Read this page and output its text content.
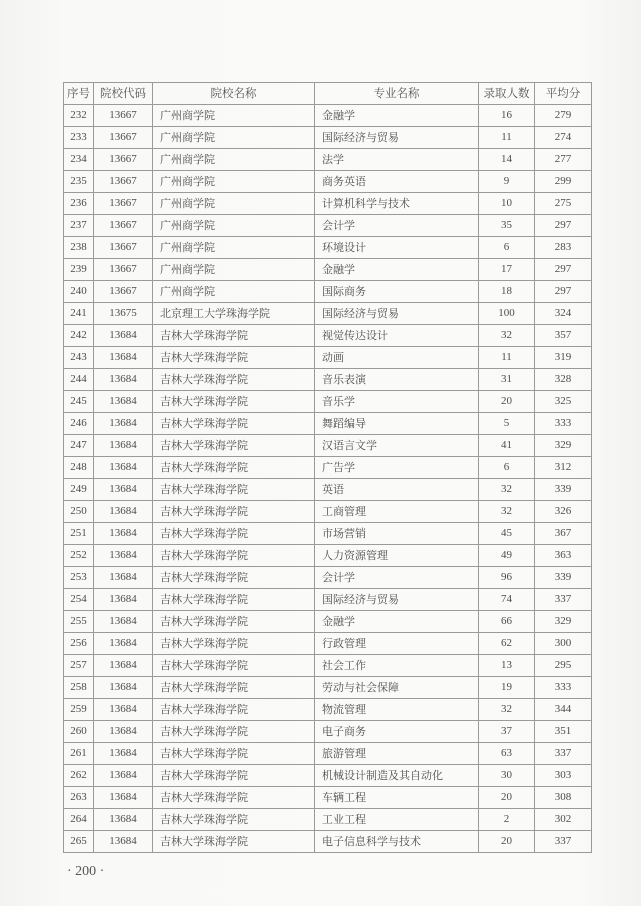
序号	院校代码	院校名称	专业名称	录取人数	平均分
232	13667	广州商学院	金融学	16	279
233	13667	广州商学院	国际经济与贸易	11	274
234	13667	广州商学院	法学	14	277
235	13667	广州商学院	商务英语	9	299
236	13667	广州商学院	计算机科学与技术	10	275
237	13667	广州商学院	会计学	35	297
238	13667	广州商学院	环境设计	6	283
239	13667	广州商学院	金融学	17	297
240	13667	广州商学院	国际商务	18	297
241	13675	北京理工大学珠海学院	国际经济与贸易	100	324
242	13684	吉林大学珠海学院	视觉传达设计	32	357
243	13684	吉林大学珠海学院	动画	11	319
244	13684	吉林大学珠海学院	音乐表演	31	328
245	13684	吉林大学珠海学院	音乐学	20	325
246	13684	吉林大学珠海学院	舞蹈编导	5	333
247	13684	吉林大学珠海学院	汉语言文学	41	329
248	13684	吉林大学珠海学院	广告学	6	312
249	13684	吉林大学珠海学院	英语	32	339
250	13684	吉林大学珠海学院	工商管理	32	326
251	13684	吉林大学珠海学院	市场营销	45	367
252	13684	吉林大学珠海学院	人力资源管理	49	363
253	13684	吉林大学珠海学院	会计学	96	339
254	13684	吉林大学珠海学院	国际经济与贸易	74	337
255	13684	吉林大学珠海学院	金融学	66	329
256	13684	吉林大学珠海学院	行政管理	62	300
257	13684	吉林大学珠海学院	社会工作	13	295
258	13684	吉林大学珠海学院	劳动与社会保障	19	333
259	13684	吉林大学珠海学院	物流管理	32	344
260	13684	吉林大学珠海学院	电子商务	37	351
261	13684	吉林大学珠海学院	旅游管理	63	337
262	13684	吉林大学珠海学院	机械设计制造及其自动化	30	303
263	13684	吉林大学珠海学院	车辆工程	20	308
264	13684	吉林大学珠海学院	工业工程	2	302
265	13684	吉林大学珠海学院	电子信息科学与技术	20	337
· 200 ·
